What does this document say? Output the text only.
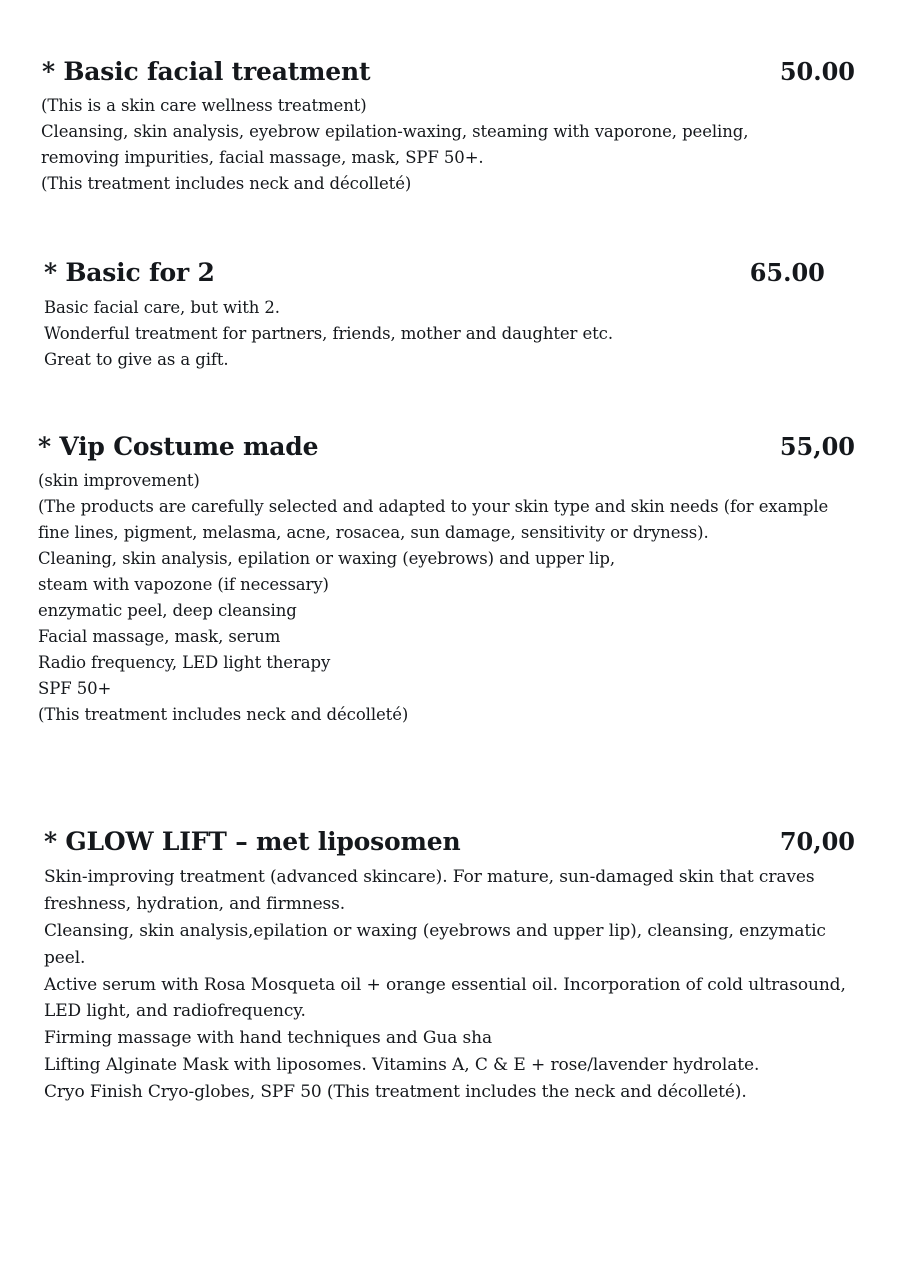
* Basic facial treatment	50.00

(This is a skin care wellness treatment)

Cleansing, skin analysis, eyebrow epilation-waxing, steaming with vaporone, peeling, removing impurities, facial massage, mask, SPF 50+.

(This treatment includes neck and décolleté)

* Basic for 2	65.00

Basic facial care, but with 2.

Wonderful treatment for partners, friends, mother and daughter etc.

Great to give as a gift.

* Vip Costume made	55,00

(skin improvement)

(The products are carefully selected and adapted to your skin type and skin needs (for example fine lines, pigment, melasma, acne, rosacea, sun damage, sensitivity or dryness).

Cleaning, skin analysis, epilation or waxing (eyebrows) and upper lip,

steam with vapozone (if necessary)

enzymatic peel, deep cleansing

Facial massage, mask, serum

Radio frequency, LED light therapy

SPF 50+

(This treatment includes neck and décolleté)

* GLOW LIFT – met liposomen	70,00

Skin-improving treatment (advanced skincare). For mature, sun-damaged skin that craves freshness, hydration, and firmness.

Cleansing, skin analysis,epilation or waxing (eyebrows and upper lip), cleansing, enzymatic peel.

Active serum with Rosa Mosqueta oil + orange essential oil. Incorporation of cold ultrasound, LED light, and radiofrequency.

Firming massage with hand techniques and Gua sha

Lifting Alginate Mask with liposomes. Vitamins A, C & E + rose/lavender hydrolate.

Cryo Finish Cryo-globes, SPF 50 (This treatment includes the neck and décolleté).
